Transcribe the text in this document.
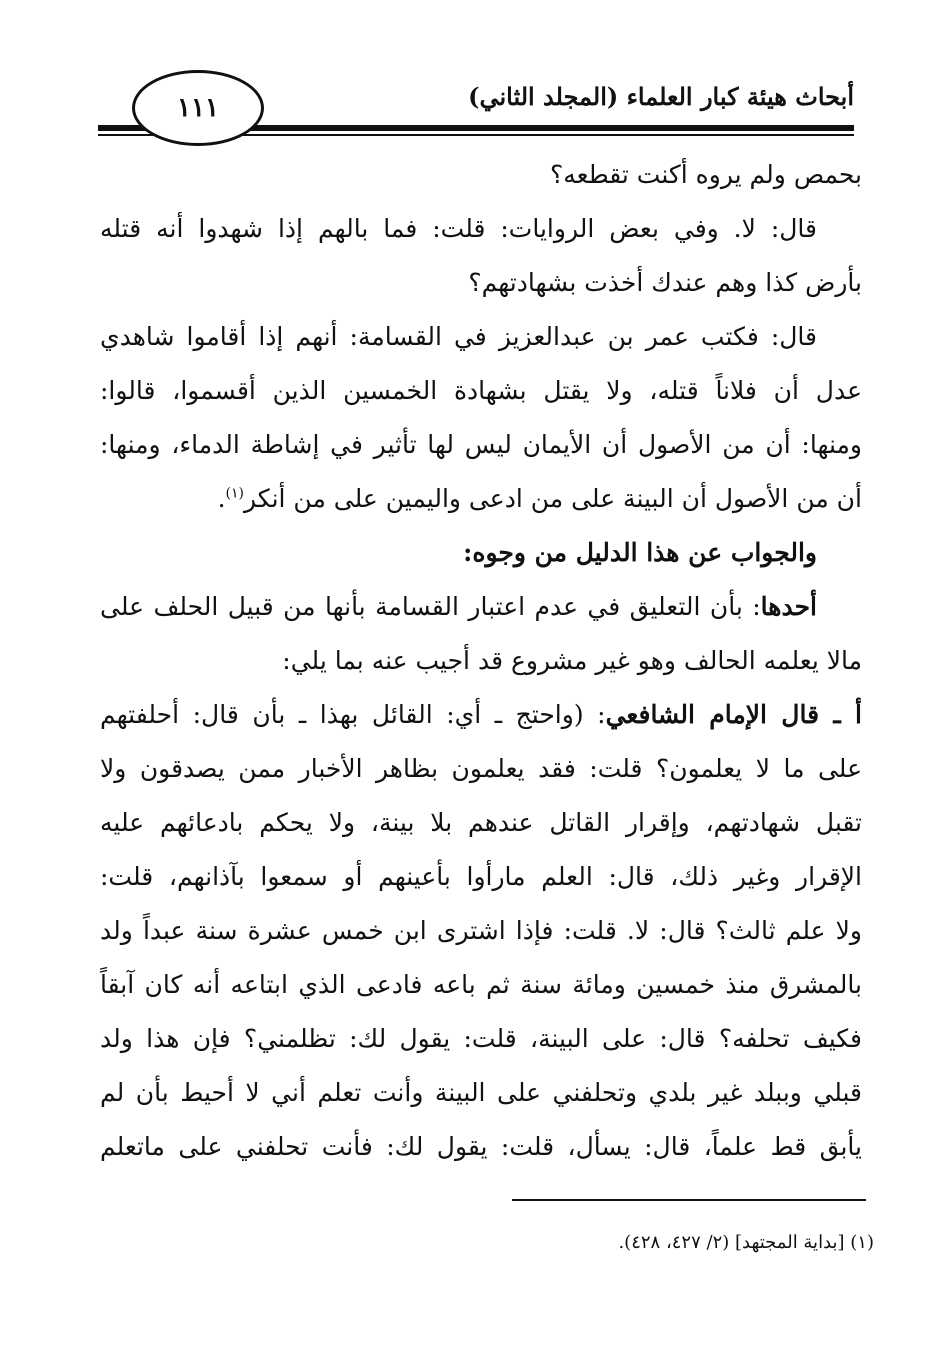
أبحاث هيئة كبار العلماء (المجلد الثاني)
١١١
بحمص ولم يروه أكنت تقطعه؟
قال: لا. وفي بعض الروايات: قلت: فما بالهم إذا شهدوا أنه قتله
بأرض كذا وهم عندك أخذت بشهادتهم؟
قال: فكتب عمر بن عبدالعزيز في القسامة: أنهم إذا أقاموا شاهدي
عدل أن فلاناً قتله، ولا يقتل بشهادة الخمسين الذين أقسموا، قالوا:
ومنها: أن من الأصول أن الأيمان ليس لها تأثير في إشاطة الدماء، ومنها:
أن من الأصول أن البينة على من ادعى واليمين على من أنكر$^{(١)}$.
والجواب عن هذا الدليل من وجوه:
أحدها: بأن التعليق في عدم اعتبار القسامة بأنها من قبيل الحلف على
مالا يعلمه الحالف وهو غير مشروع قد أجيب عنه بما يلي:
أ ـ قال الإمام الشافعي: (واحتج ـ أي: القائل بهذا ـ بأن قال: أحلفتهم
على ما لا يعلمون؟ قلت: فقد يعلمون بظاهر الأخبار ممن يصدقون ولا
تقبل شهادتهم، وإقرار القاتل عندهم بلا بينة، ولا يحكم بادعائهم عليه
الإقرار وغير ذلك، قال: العلم مارأوا بأعينهم أو سمعوا بآذانهم، قلت:
ولا علم ثالث؟ قال: لا. قلت: فإذا اشترى ابن خمس عشرة سنة عبداً ولد
بالمشرق منذ خمسين ومائة سنة ثم باعه فادعى الذي ابتاعه أنه كان آبقاً
فكيف تحلفه؟ قال: على البينة، قلت: يقول لك: تظلمني؟ فإن هذا ولد
قبلي وببلد غير بلدي وتحلفني على البينة وأنت تعلم أني لا أحيط بأن لم
يأبق قط علماً، قال: يسأل، قلت: يقول لك: فأنت تحلفني على ماتعلم
(١) [بداية المجتهد] (٢/ ٤٢٧، ٤٢٨).
